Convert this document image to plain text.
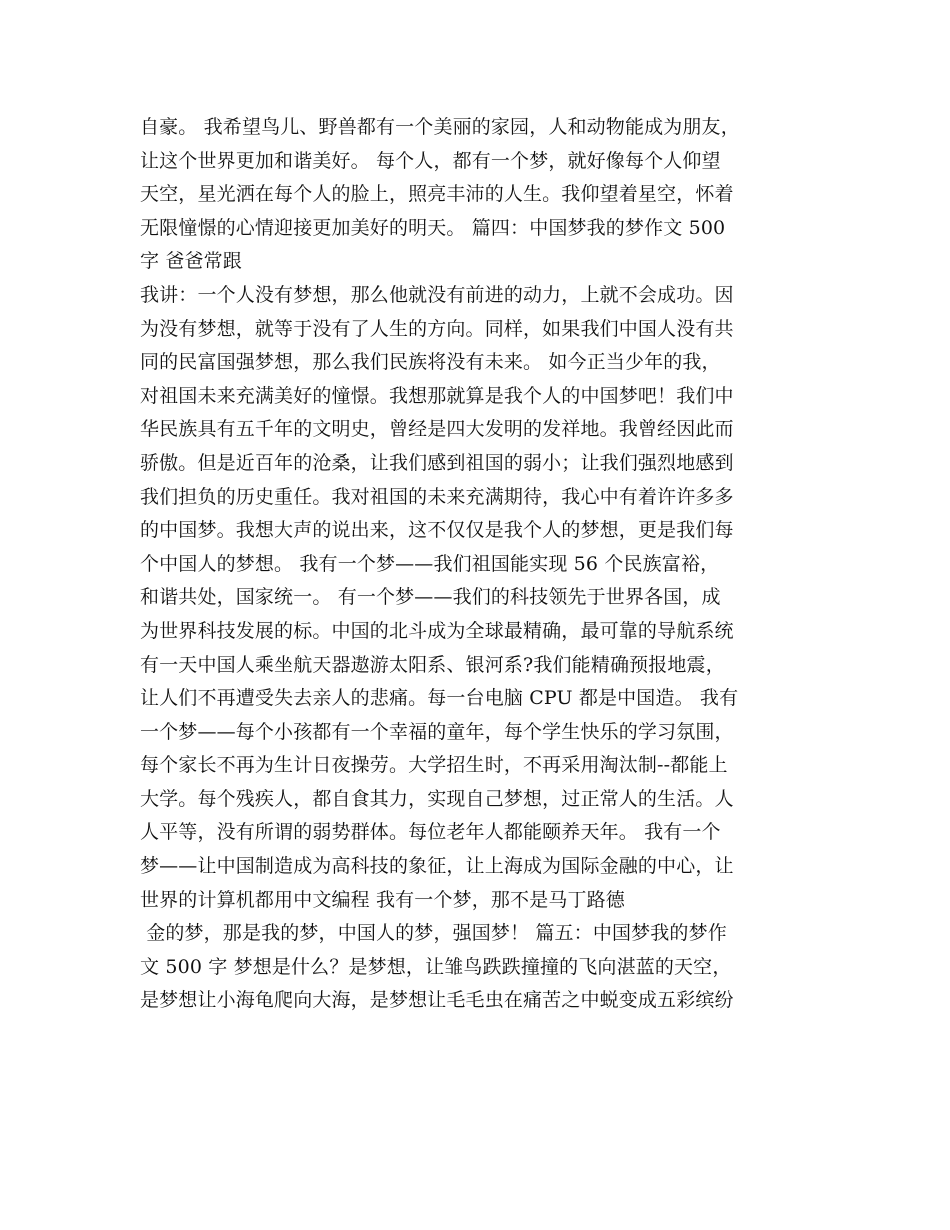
自豪。 我希望鸟儿、野兽都有一个美丽的家园，人和动物能成为朋友，
让这个世界更加和谐美好。 每个人，都有一个梦，就好像每个人仰望
天空，星光洒在每个人的脸上，照亮丰沛的人生。我仰望着星空，怀着
无限憧憬的心情迎接更加美好的明天。 篇四：中国梦我的梦作文 500
字 爸爸常跟
我讲：一个人没有梦想，那么他就没有前进的动力，上就不会成功。因
为没有梦想，就等于没有了人生的方向。同样，如果我们中国人没有共
同的民富国强梦想，那么我们民族将没有未来。 如今正当少年的我，
对祖国未来充满美好的憧憬。我想那就算是我个人的中国梦吧！我们中
华民族具有五千年的文明史，曾经是四大发明的发祥地。我曾经因此而
骄傲。但是近百年的沧桑，让我们感到祖国的弱小；让我们强烈地感到
我们担负的历史重任。我对祖国的未来充满期待，我心中有着许许多多
的中国梦。我想大声的说出来，这不仅仅是我个人的梦想，更是我们每
个中国人的梦想。 我有一个梦——我们祖国能实现 56 个民族富裕，
和谐共处，国家统一。 有一个梦——我们的科技领先于世界各国，成
为世界科技发展的标。中国的北斗成为全球最精确，最可靠的导航系统
有一天中国人乘坐航天器遨游太阳系、银河系?我们能精确预报地震，
让人们不再遭受失去亲人的悲痛。每一台电脑 CPU 都是中国造。 我有
一个梦——每个小孩都有一个幸福的童年，每个学生快乐的学习氛围，
每个家长不再为生计日夜操劳。大学招生时，不再采用淘汰制--都能上
大学。每个残疾人，都自食其力，实现自己梦想，过正常人的生活。人
人平等，没有所谓的弱势群体。每位老年人都能颐养天年。 我有一个
梦——让中国制造成为高科技的象征，让上海成为国际金融的中心，让
世界的计算机都用中文编程 我有一个梦，那不是马丁路德
金的梦，那是我的梦，中国人的梦，强国梦！ 篇五：中国梦我的梦作
文 500 字 梦想是什么？是梦想，让雏鸟跌跌撞撞的飞向湛蓝的天空，
是梦想让小海龟爬向大海，是梦想让毛毛虫在痛苦之中蜕变成五彩缤纷
